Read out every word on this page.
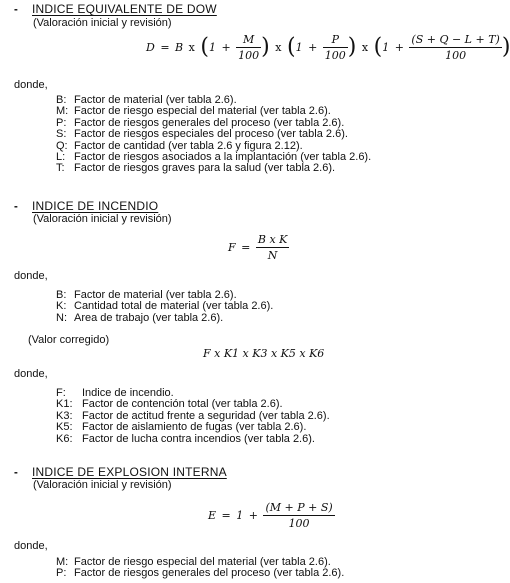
- INDICE EQUIVALENTE DE DOW
(Valoración inicial y revisión)
D = B x ($1 + \frac{M}{100}$ ) x ($1 + \frac{P}{100}$ ) x ($1 + \frac{(S + Q - L + T)}{100}$ )
donde,
B: Factor de material (ver tabla 2.6).
M: Factor de riesgo especial del material (ver tabla 2.6).
P: Factor de riesgos generales del proceso (ver tabla 2.6).
S: Factor de riesgos especiales del proceso (ver tabla 2.6).
Q: Factor de cantidad (ver tabla 2.6 y figura 2.12).
L: Factor de riesgos asociados a la implantación (ver tabla 2.6).
T: Factor de riesgos graves para la salud (ver tabla 2.6).
- INDICE DE INCENDIO
(Valoración inicial y revisión)
$F = \frac{\text{B x K}}{N}$
donde,
B: Factor de material (ver tabla 2.6).
K: Cantidad total de material (ver tabla 2.6).
N: Area de trabajo (ver tabla 2.6).
(Valor corregido)
F x K1 x K3 x K5 x K6
donde,
F: Indice de incendio.
K1: Factor de contención total (ver tabla 2.6).
K3: Factor de actitud frente a seguridad (ver tabla 2.6).
K5: Factor de aislamiento de fugas (ver tabla 2.6).
K6: Factor de lucha contra incendios (ver tabla 2.6).
- INDICE DE EXPLOSION INTERNA
(Valoración inicial y revisión)
$E = 1 + \frac{(M + P + S)}{100}$
donde,
M: Factor de riesgo especial del material (ver tabla 2.6).
P: Factor de riesgos generales del proceso (ver tabla 2.6).
